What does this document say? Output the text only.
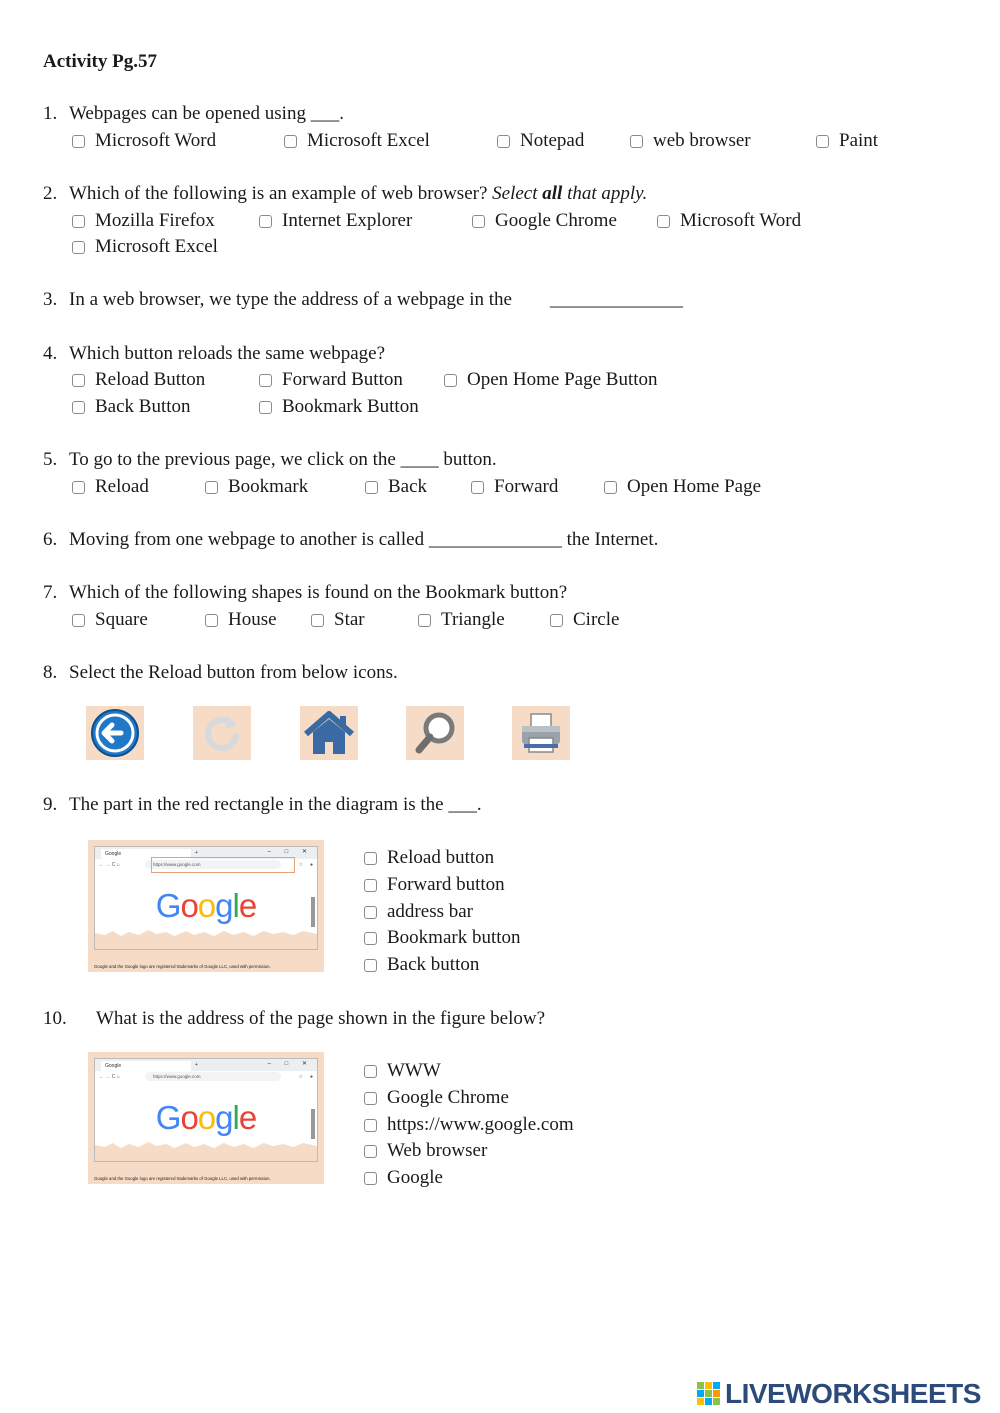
Activity Pg.57
1. Webpages can be opened using ___.
Microsoft Word	Microsoft Excel	Notepad	web browser	Paint
2. Which of the following is an example of web browser? Select all that apply.
Mozilla Firefox	Internet Explorer	Google Chrome	Microsoft Word
Microsoft Excel
3. In a web browser, we type the address of a webpage in the ______________
4. Which button reloads the same webpage?
Reload Button	Forward Button	Open Home Page Button
Back Button	Bookmark Button
5. To go to the previous page, we click on the ____ button.
Reload	Bookmark	Back	Forward	Open Home Page
6. Moving from one webpage to another is called ______________ the Internet.
7. Which of the following shapes is found on the Bookmark button?
Square	House	Star	Triangle	Circle
8. Select the Reload button from below icons.
9. The part in the red rectangle in the diagram is the ___.
Google	+	– □ ✕
← → C ⌂	https://www.google.com	☆ ●
Google
Google and the Google logo are registered trademarks of Google LLC, used with permission.
Reload button
Forward button
address bar
Bookmark button
Back button
10. What is the address of the page shown in the figure below?
Google	+	– □ ✕
← → C ⌂	https://www.google.com	☆ ●
Google
Google and the Google logo are registered trademarks of Google LLC, used with permission.
WWW
Google Chrome
https://www.google.com
Web browser
Google
LIVEWORKSHEETS
